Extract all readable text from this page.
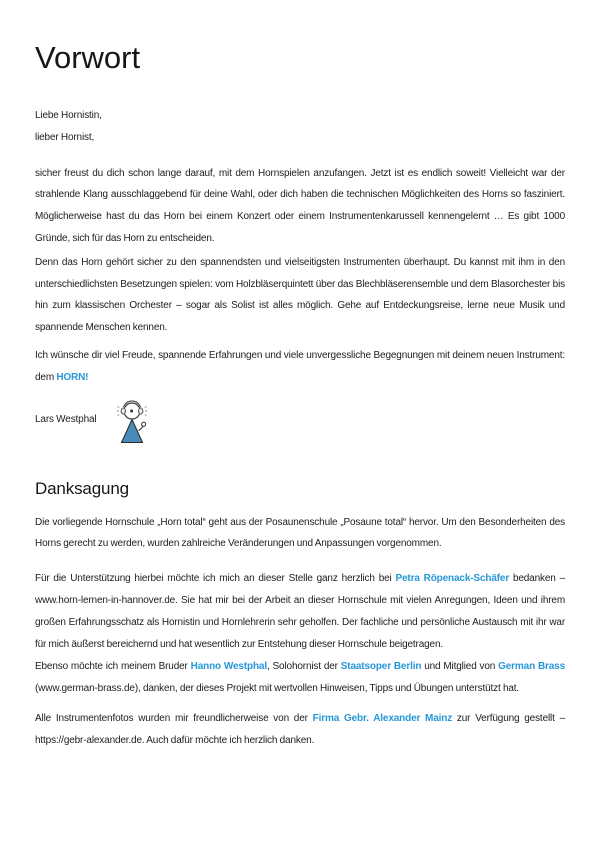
Vorwort
Liebe Hornistin,
lieber Hornist,

sicher freust du dich schon lange darauf, mit dem Hornspielen anzufangen. Jetzt ist es endlich soweit! Vielleicht war der strahlende Klang ausschlaggebend für deine Wahl, oder dich haben die technischen Möglichkeiten des Horns so fasziniert. Möglicherweise hast du das Horn bei einem Konzert oder einem Instrumentenkarussell kennengelernt … Es gibt 1000 Gründe, sich für das Horn zu entscheiden.

Denn das Horn gehört sicher zu den spannendsten und vielseitigsten Instrumenten überhaupt. Du kannst mit ihm in den unterschiedlichsten Besetzungen spielen: vom Holzbläserquintett über das Blechbläserensemble und dem Blasorchester bis hin zum klassischen Orchester – sogar als Solist ist alles möglich. Gehe auf Entdeckungsreise, lerne neue Musik und spannende Menschen kennen.

Ich wünsche dir viel Freude, spannende Erfahrungen und viele unvergessliche Begegnungen mit deinem neuen Instrument: dem HORN!

Lars Westphal
Danksagung

Die vorliegende Hornschule „Horn total“ geht aus der Posaunenschule „Posaune total“ hervor. Um den Besonderheiten des Horns gerecht zu werden, wurden zahlreiche Veränderungen und Anpassungen vorgenommen.

Für die Unterstützung hierbei möchte ich mich an dieser Stelle ganz herzlich bei Petra Röpenack-Schäfer bedanken – www.horn-lernen-in-hannover.de. Sie hat mir bei der Arbeit an dieser Hornschule mit vielen Anregungen, Ideen und ihrem großen Erfahrungsschatz als Hornistin und Hornlehrerin sehr geholfen. Der fachliche und persönliche Austausch mit ihr war für mich äußerst bereichernd und hat wesentlich zur Entstehung dieser Hornschule beigetragen.

Ebenso möchte ich meinem Bruder Hanno Westphal, Solohornist der Staatsoper Berlin und Mitglied von German Brass (www.german-brass.de), danken, der dieses Projekt mit wertvollen Hinweisen, Tipps und Übungen unterstützt hat.

Alle Instrumentenfotos wurden mir freundlicherweise von der Firma Gebr. Alexander Mainz zur Verfügung gestellt – https://gebr-alexander.de. Auch dafür möchte ich herzlich danken.
